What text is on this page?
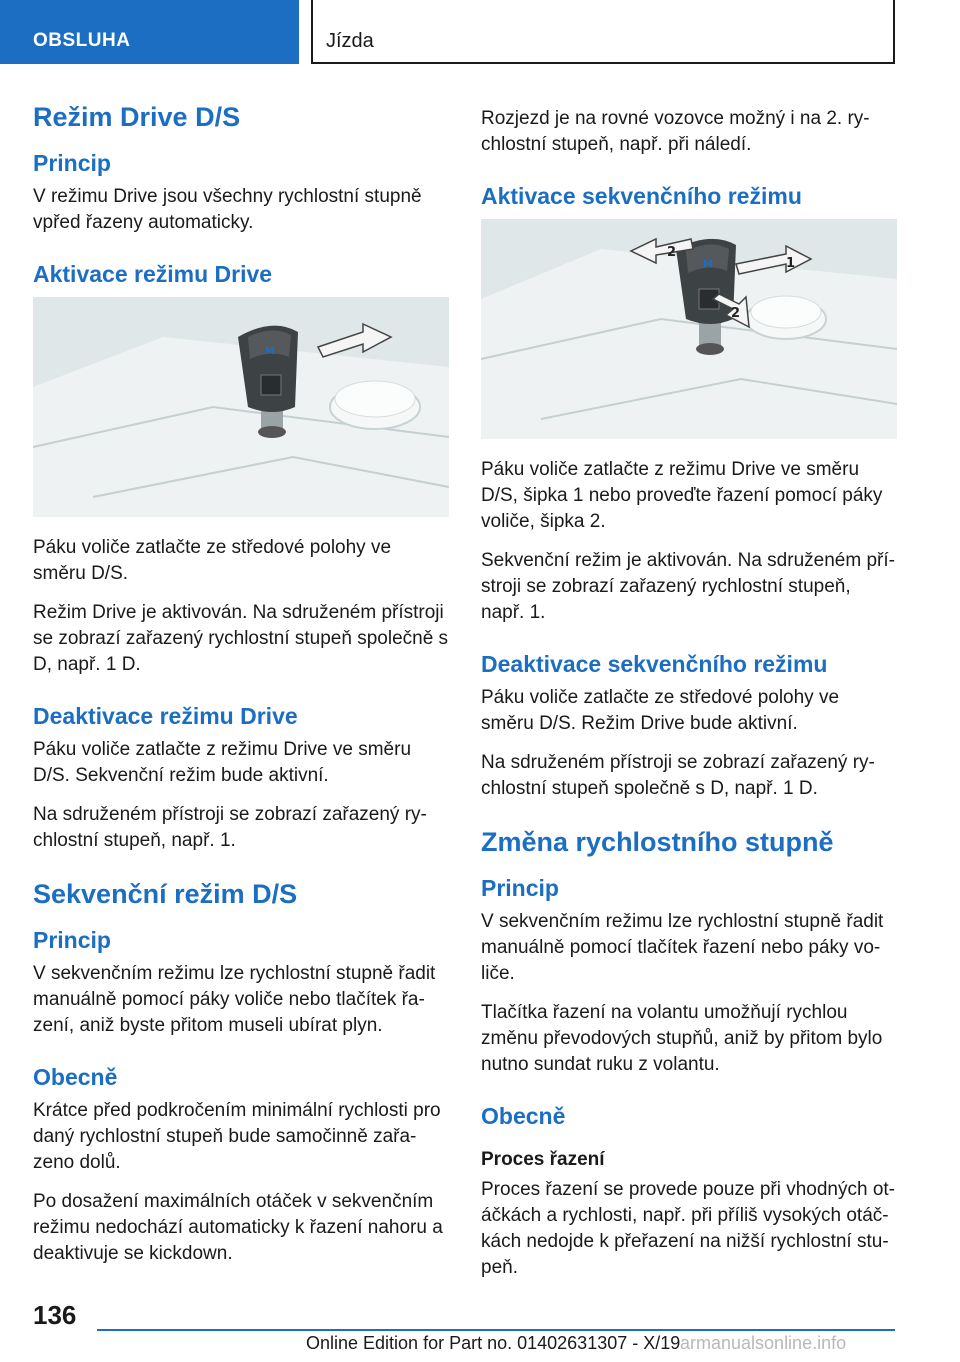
OBSLUHA	Jízda
Režim Drive D/S
Princip

V režimu Drive jsou všechny rychlostní stupně vpřed řazeny automaticky.

Aktivace režimu Drive
M

Páku voliče zatlačte ze středové polohy ve směru D/S.

Režim Drive je aktivován. Na sdruženém přístroji se zobrazí zařazený rychlostní stupeň společně s D, např. 1 D.

Deaktivace režimu Drive

Páku voliče zatlačte z režimu Drive ve směru D/S. Sekvenční režim bude aktivní.

Na sdruženém přístroji se zobrazí zařazený ry-chlostní stupeň, např. 1.

Sekvenční režim D/S
Princip

V sekvenčním režimu lze rychlostní stupně řadit manuálně pomocí páky voliče nebo tlačítek řa-zení, aniž byste přitom museli ubírat plyn.

Obecně

Krátce před podkročením minimální rychlosti pro daný rychlostní stupeň bude samočinně zařa-zeno dolů.

Po dosažení maximálních otáček v sekvenčním režimu nedochází automaticky k řazení nahoru a deaktivuje se kickdown.

Rozjezd je na rovné vozovce možný i na 2. ry-chlostní stupeň, např. při náledí.

Aktivace sekvenčního režimu
M
2
1
2

Páku voliče zatlačte z režimu Drive ve směru D/S, šipka 1 nebo proveďte řazení pomocí páky voliče, šipka 2.

Sekvenční režim je aktivován. Na sdruženém pří-stroji se zobrazí zařazený rychlostní stupeň, např. 1.

Deaktivace sekvenčního režimu

Páku voliče zatlačte ze středové polohy ve směru D/S. Režim Drive bude aktivní.

Na sdruženém přístroji se zobrazí zařazený ry-chlostní stupeň společně s D, např. 1 D.

Změna rychlostního stupně
Princip

V sekvenčním režimu lze rychlostní stupně řadit manuálně pomocí tlačítek řazení nebo páky vo-liče.

Tlačítka řazení na volantu umožňují rychlou změnu převodových stupňů, aniž by přitom bylo nutno sundat ruku z volantu.

Obecně
Proces řazení

Proces řazení se provede pouze při vhodných ot-áčkách a rychlosti, např. při příliš vysokých otáč-kách nedojde k přeřazení na nižší rychlostní stu-peň.

136
Online Edition for Part no. 01402631307 - X/19 armanualsonline.info
